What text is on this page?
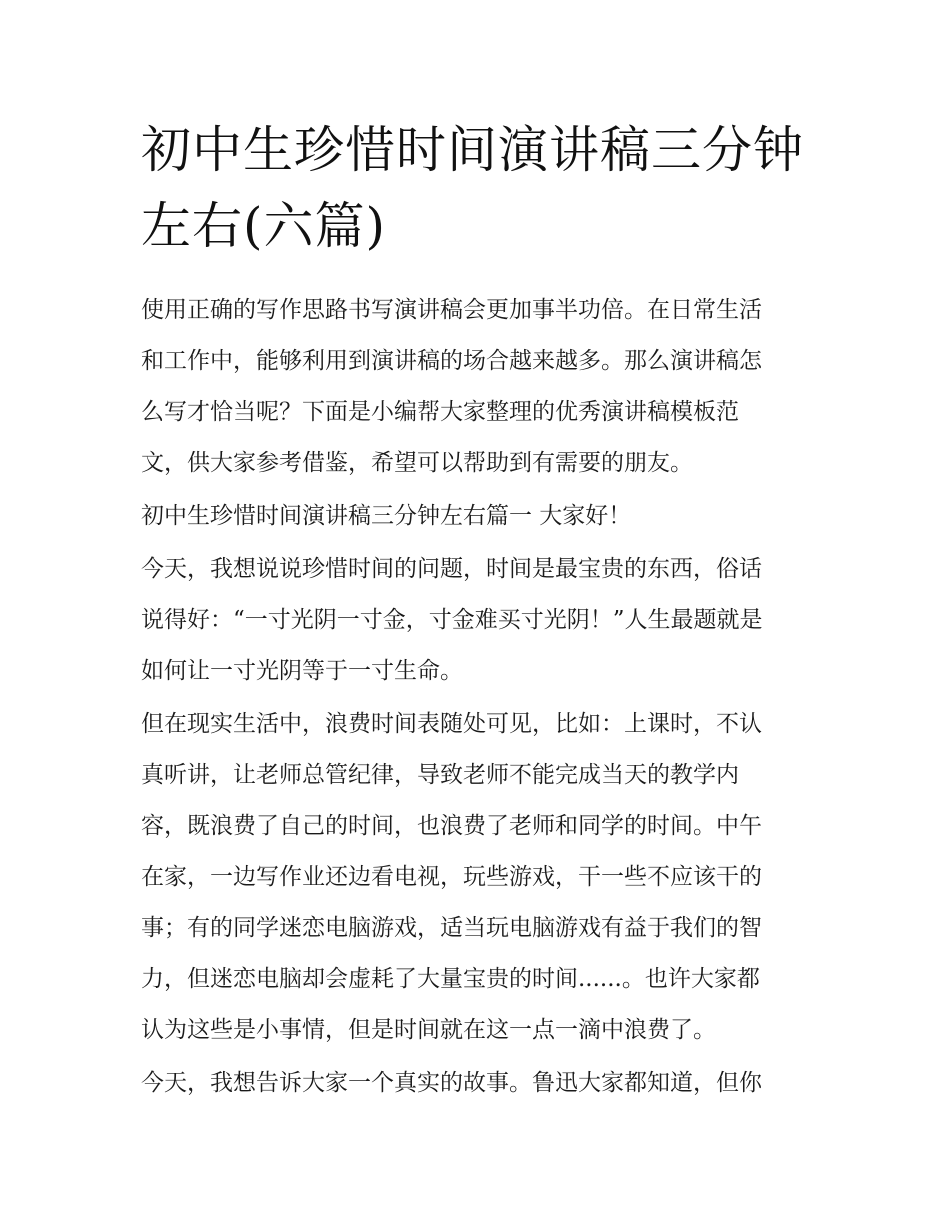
初中生珍惜时间演讲稿三分钟
左右(六篇)

使用正确的写作思路书写演讲稿会更加事半功倍。在日常生活
和工作中，能够利用到演讲稿的场合越来越多。那么演讲稿怎
么写才恰当呢？下面是小编帮大家整理的优秀演讲稿模板范
文，供大家参考借鉴，希望可以帮助到有需要的朋友。

初中生珍惜时间演讲稿三分钟左右篇一 大家好！

今天，我想说说珍惜时间的问题，时间是最宝贵的东西，俗话
说得好：“一寸光阴一寸金，寸金难买寸光阴！”人生最题就是
如何让一寸光阴等于一寸生命。

但在现实生活中，浪费时间表随处可见，比如：上课时，不认
真听讲，让老师总管纪律，导致老师不能完成当天的教学内
容，既浪费了自己的时间，也浪费了老师和同学的时间。中午
在家，一边写作业还边看电视，玩些游戏，干一些不应该干的
事；有的同学迷恋电脑游戏，适当玩电脑游戏有益于我们的智
力，但迷恋电脑却会虚耗了大量宝贵的时间......。也许大家都
认为这些是小事情，但是时间就在这一点一滴中浪费了。

今天，我想告诉大家一个真实的故事。鲁迅大家都知道，但你
